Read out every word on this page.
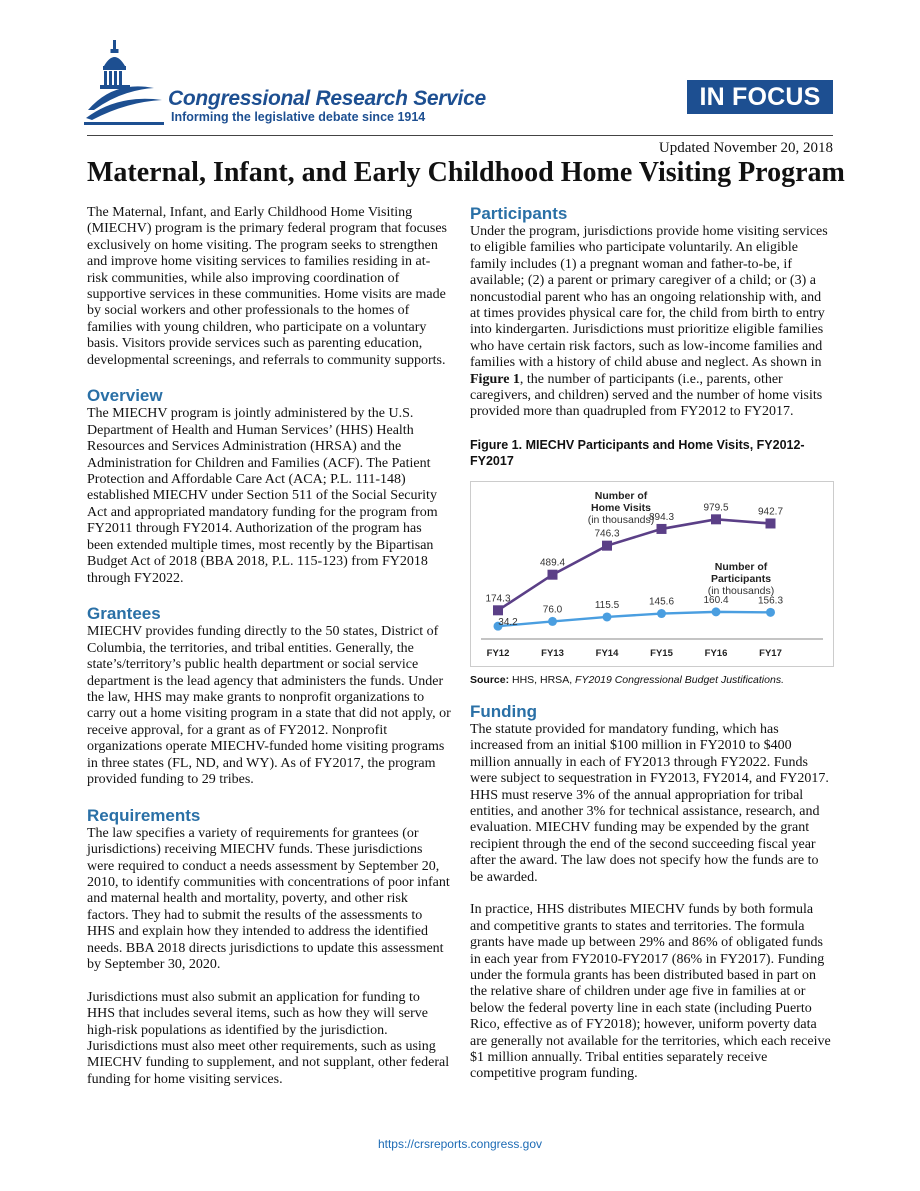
Congressional Research Service
Informing the legislative debate since 1914
IN FOCUS
Updated November 20, 2018
Maternal, Infant, and Early Childhood Home Visiting Program

The Maternal, Infant, and Early Childhood Home Visiting (MIECHV) program is the primary federal program that focuses exclusively on home visiting. The program seeks to strengthen and improve home visiting services to families residing in at-risk communities, while also improving coordination of supportive services in these communities. Home visits are made by social workers and other professionals to the homes of families with young children, who participate on a voluntary basis. Visitors provide services such as parenting education, developmental screenings, and referrals to community supports.

Overview

The MIECHV program is jointly administered by the U.S. Department of Health and Human Services’ (HHS) Health Resources and Services Administration (HRSA) and the Administration for Children and Families (ACF). The Patient Protection and Affordable Care Act (ACA; P.L. 111-148) established MIECHV under Section 511 of the Social Security Act and appropriated mandatory funding for the program from FY2011 through FY2014. Authorization of the program has been extended multiple times, most recently by the Bipartisan Budget Act of 2018 (BBA 2018, P.L. 115-123) from FY2018 through FY2022.

Grantees

MIECHV provides funding directly to the 50 states, District of Columbia, the territories, and tribal entities. Generally, the state’s/territory’s public health department or social service department is the lead agency that administers the funds. Under the law, HHS may make grants to nonprofit organizations to carry out a home visiting program in a state that did not apply, or receive approval, for a grant as of FY2012. Nonprofit organizations operate MIECHV-funded home visiting programs in three states (FL, ND, and WY). As of FY2017, the program provided funding to 29 tribes.

Requirements

The law specifies a variety of requirements for grantees (or jurisdictions) receiving MIECHV funds. These jurisdictions were required to conduct a needs assessment by September 20, 2010, to identify communities with concentrations of poor infant and maternal health and mortality, poverty, and other risk factors. They had to submit the results of the assessments to HHS and explain how they intended to address the identified needs. BBA 2018 directs jurisdictions to update this assessment by September 30, 2020.

Jurisdictions must also submit an application for funding to HHS that includes several items, such as how they will serve high-risk populations as identified by the jurisdiction. Jurisdictions must also meet other requirements, such as using MIECHV funding to supplement, and not supplant, other federal funding for home visiting services.

Participants

Under the program, jurisdictions provide home visiting services to eligible families who participate voluntarily. An eligible family includes (1) a pregnant woman and father-to-be, if available; (2) a parent or primary caregiver of a child; or (3) a noncustodial parent who has an ongoing relationship with, and at times provides physical care for, the child from birth to entry into kindergarten. Jurisdictions must prioritize eligible families who have certain risk factors, such as low-income families and families with a history of child abuse and neglect. As shown in Figure 1, the number of participants (i.e., parents, other caregivers, and children) served and the number of home visits provided more than quadrupled from FY2012 to FY2017.

Figure 1. MIECHV Participants and Home Visits, FY2012-FY2017
FY12	FY13	FY14	FY15	FY16	FY17
174.3
489.4
746.3
894.3
979.5	942.7
34.2
76.0	115.5	145.6	160.4	156.3
Number of
Home Visits
(in thousands)
Number of
Participants
(in thousands)
Source: HHS, HRSA, FY2019 Congressional Budget Justifications.
Funding

The statute provided for mandatory funding, which has increased from an initial $100 million in FY2010 to $400 million annually in each of FY2013 through FY2022. Funds were subject to sequestration in FY2013, FY2014, and FY2017. HHS must reserve 3% of the annual appropriation for tribal entities, and another 3% for technical assistance, research, and evaluation. MIECHV funding may be expended by the grant recipient through the end of the second succeeding fiscal year after the award. The law does not specify how the funds are to be awarded.

In practice, HHS distributes MIECHV funds by both formula and competitive grants to states and territories. The formula grants have made up between 29% and 86% of obligated funds in each year from FY2010-FY2017 (86% in FY2017). Funding under the formula grants has been distributed based in part on the relative share of children under age five in families at or below the federal poverty line in each state (including Puerto Rico, effective as of FY2018); however, uniform poverty data are generally not available for the territories, which each receive $1 million annually. Tribal entities separately receive competitive program funding.

https://crsreports.congress.gov
